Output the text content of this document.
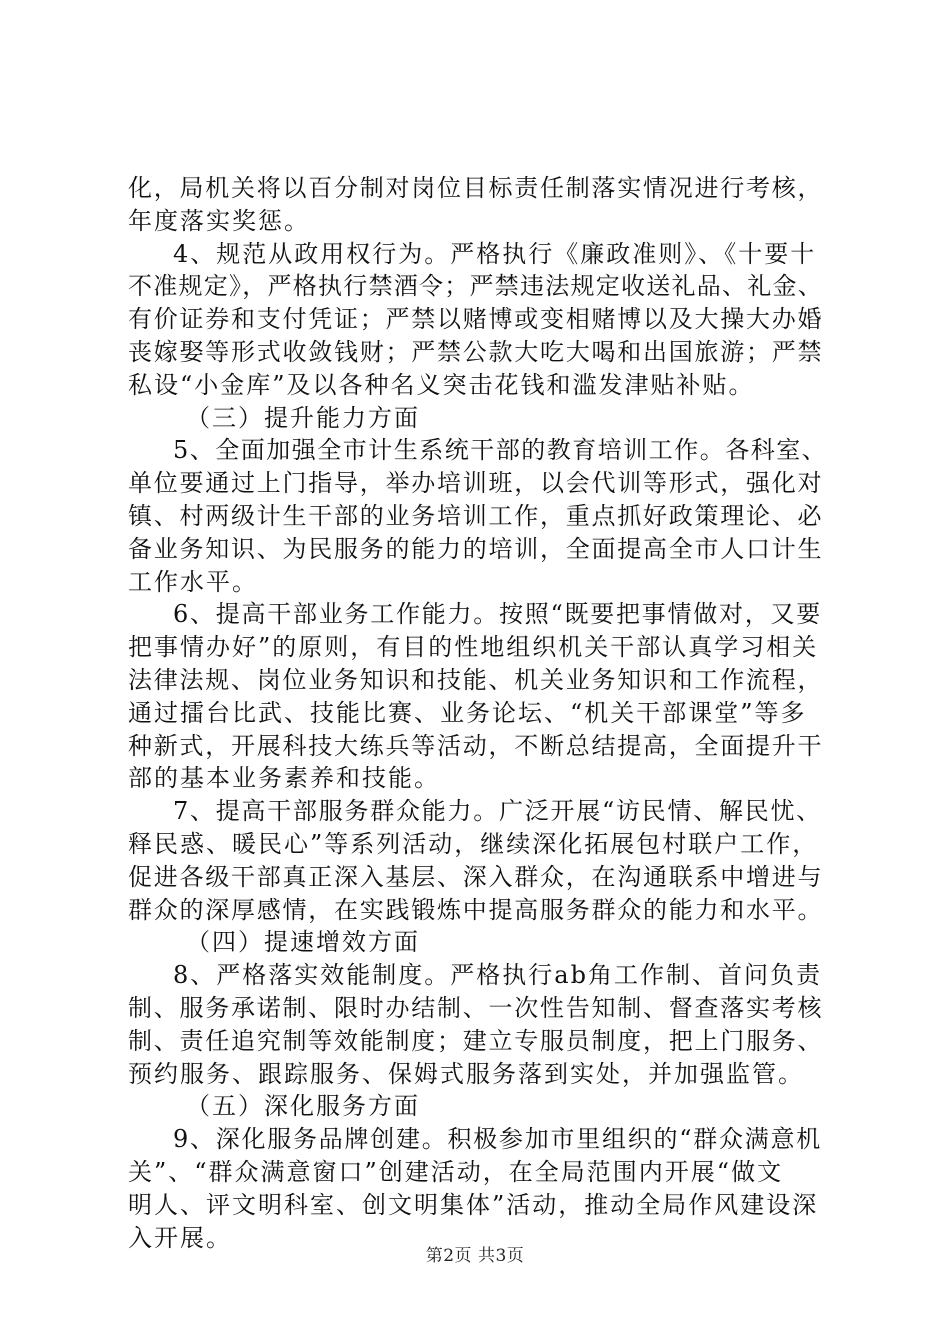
化，局机关将以百分制对岗位目标责任制落实情况进行考核，
年度落实奖惩。
4、规范从政用权行为。严格执行《廉政准则》、《十要十
不准规定》，严格执行禁酒令；严禁违法规定收送礼品、礼金、
有价证券和支付凭证；严禁以赌博或变相赌博以及大操大办婚
丧嫁娶等形式收敛钱财；严禁公款大吃大喝和出国旅游；严禁
私设“小金库”及以各种名义突击花钱和滥发津贴补贴。
（三）提升能力方面
5、全面加强全市计生系统干部的教育培训工作。各科室、
单位要通过上门指导，举办培训班，以会代训等形式，强化对
镇、村两级计生干部的业务培训工作，重点抓好政策理论、必
备业务知识、为民服务的能力的培训，全面提高全市人口计生
工作水平。
6、提高干部业务工作能力。按照“既要把事情做对，又要
把事情办好”的原则，有目的性地组织机关干部认真学习相关
法律法规、岗位业务知识和技能、机关业务知识和工作流程，
通过擂台比武、技能比赛、业务论坛、“机关干部课堂”等多
种新式，开展科技大练兵等活动，不断总结提高，全面提升干
部的基本业务素养和技能。
7、提高干部服务群众能力。广泛开展“访民情、解民忧、
释民惑、暖民心”等系列活动，继续深化拓展包村联户工作，
促进各级干部真正深入基层、深入群众，在沟通联系中增进与
群众的深厚感情，在实践锻炼中提高服务群众的能力和水平。
（四）提速增效方面
8、严格落实效能制度。严格执行ab角工作制、首问负责
制、服务承诺制、限时办结制、一次性告知制、督查落实考核
制、责任追究制等效能制度；建立专服员制度，把上门服务、
预约服务、跟踪服务、保姆式服务落到实处，并加强监管。
（五）深化服务方面
9、深化服务品牌创建。积极参加市里组织的“群众满意机
关”、“群众满意窗口”创建活动，在全局范围内开展“做文
明人、评文明科室、创文明集体”活动，推动全局作风建设深
入开展。
第2页 共3页
